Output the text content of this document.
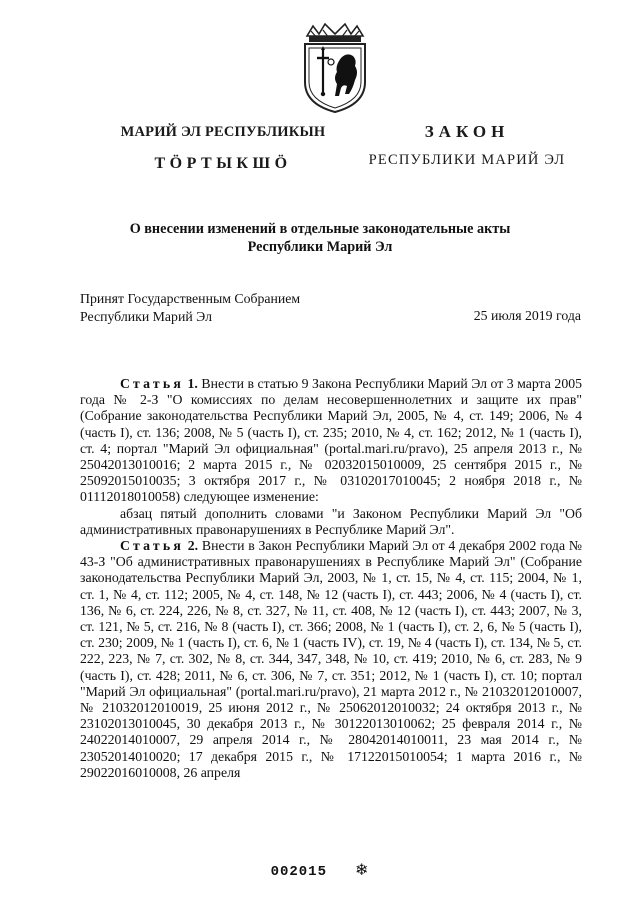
МАРИЙ ЭЛ РЕСПУБЛИКЫН
ТӦРТЫКШӦ
ЗАКОН
РЕСПУБЛИКИ МАРИЙ ЭЛ
О внесении изменений в отдельные законодательные акты
Республики Марий Эл
Принят Государственным Собранием
Республики Марий Эл	25 июля 2019 года

Статья 1. Внести в статью 9 Закона Республики Марий Эл от 3 марта 2005 года № 2-З "О комиссиях по делам несовершеннолетних и защите их прав" (Собрание законодательства Республики Марий Эл, 2005, № 4, ст. 149; 2006, № 4 (часть I), ст. 136; 2008, № 5 (часть I), ст. 235; 2010, № 4, ст. 162; 2012, № 1 (часть I), ст. 4; портал "Марий Эл официальная" (portal.mari.ru/pravo), 25 апреля 2013 г., № 25042013010016; 2 марта 2015 г., № 02032015010009, 25 сентября 2015 г., № 25092015010035; 3 октября 2017 г., № 03102017010045; 2 ноября 2018 г., № 01112018010058) следующее изменение:

абзац пятый дополнить словами "и Законом Республики Марий Эл "Об административных правонарушениях в Республике Марий Эл".

Статья 2. Внести в Закон Республики Марий Эл от 4 декабря 2002 года № 43-З "Об административных правонарушениях в Республике Марий Эл" (Собрание законодательства Республики Марий Эл, 2003, № 1, ст. 15, № 4, ст. 115; 2004, № 1, ст. 1, № 4, ст. 112; 2005, № 4, ст. 148, № 12 (часть I), ст. 443; 2006, № 4 (часть I), ст. 136, № 6, ст. 224, 226, № 8, ст. 327, № 11, ст. 408, № 12 (часть I), ст. 443; 2007, № 3, ст. 121, № 5, ст. 216, № 8 (часть I), ст. 366; 2008, № 1 (часть I), ст. 2, 6, № 5 (часть I), ст. 230; 2009, № 1 (часть I), ст. 6, № 1 (часть IV), ст. 19, № 4 (часть I), ст. 134, № 5, ст. 222, 223, № 7, ст. 302, № 8, ст. 344, 347, 348, № 10, ст. 419; 2010, № 6, ст. 283, № 9 (часть I), ст. 428; 2011, № 6, ст. 306, № 7, ст. 351; 2012, № 1 (часть I), ст. 10; портал "Марий Эл официальная" (portal.mari.ru/pravo), 21 марта 2012 г., № 21032012010007, № 21032012010019, 25 июня 2012 г., № 25062012010032; 24 октября 2013 г., № 23102013010045, 30 декабря 2013 г., № 30122013010062; 25 февраля 2014 г., № 24022014010007, 29 апреля 2014 г., № 28042014010011, 23 мая 2014 г., № 23052014010020; 17 декабря 2015 г., № 17122015010054; 1 марта 2016 г., № 29022016010008, 26 апреля

002015 ❄
